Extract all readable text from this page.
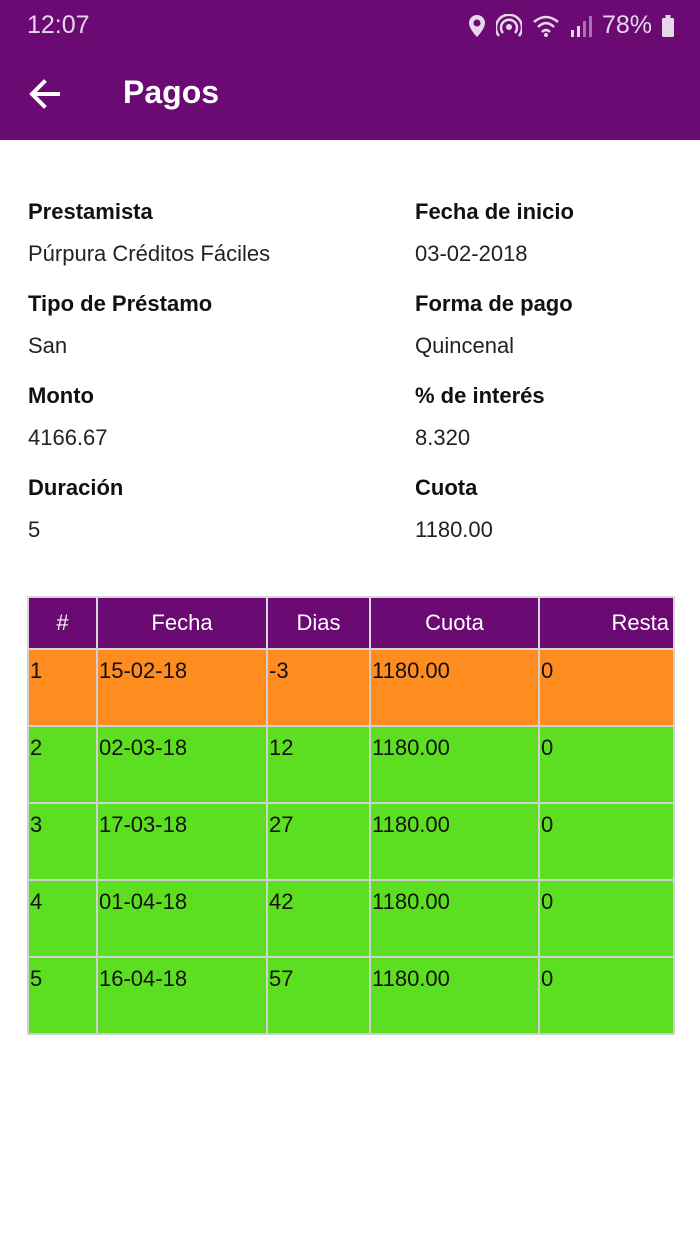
12:07	78%
Pagos
Prestamista
Púrpura Créditos Fáciles
Fecha de inicio
03-02-2018
Tipo de Préstamo
San
Forma de pago
Quincenal
Monto
4166.67
% de interés
8.320
Duración
5
Cuota
1180.00
#	Fecha	Dias	Cuota	Resta
1	15-02-18	-3	1180.00	0
2	02-03-18	12	1180.00	0
3	17-03-18	27	1180.00	0
4	01-04-18	42	1180.00	0
5	16-04-18	57	1180.00	0
